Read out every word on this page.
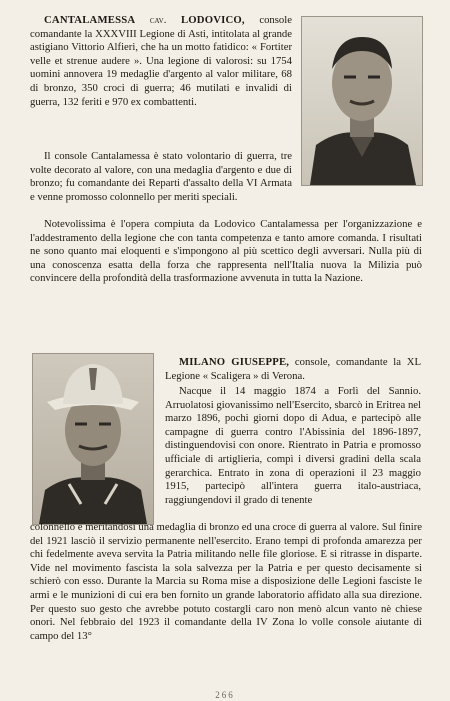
CANTALAMESSA cav. LODOVICO, console comandante la XXXVIII Legione di Asti, intitolata al grande astigiano Vittorio Alfieri, che ha un motto fatidico: « Fortiter velle et strenue audere ». Una legione di valorosi: su 1754 uomini annovera 19 medaglie d'argento al valor militare, 68 di bronzo, 350 croci di guerra; 46 mutilati e invalidi di guerra, 132 feriti e 970 ex combattenti.

Il console Cantalamessa è stato volontario di guerra, tre volte decorato al valore, con una medaglia d'argento e due di bronzo; fu comandante dei Reparti d'assalto della VI Armata e venne promosso colonnello per meriti speciali.

Notevolissima è l'opera compiuta da Lodovico Cantalamessa per l'organizzazione e l'addestramento della legione che con tanta competenza e tanto amore comanda. I risultati ne sono quanto mai eloquenti e s'impongono al più scettico degli avversari. Nulla più di una conoscenza esatta della forza che rappresenta nell'Italia nuova la Milizia può convincere della profondità della trasformazione avvenuta in tutta la Nazione.

MILANO GIUSEPPE, console, comandante la XL Legione « Scaligera » di Verona.

Nacque il 14 maggio 1874 a Forlì del Sannio. Arruolatosi giovanissimo nell'Esercito, sbarcò in Eritrea nel marzo 1896, pochi giorni dopo di Adua, e partecipò alle campagne di guerra contro l'Abissinia del 1896-1897, distinguendovisi con onore. Rientrato in Patria e promosso ufficiale di artiglieria, compì i diversi gradini della scala gerarchica. Entrato in zona di operazioni il 23 maggio 1915, partecipò all'intera guerra italo-austriaca, raggiungendovi il grado di tenente

colonnello e meritandosi una medaglia di bronzo ed una croce di guerra al valore. Sul finire del 1921 lasciò il servizio permanente nell'esercito. Erano tempi di profonda amarezza per chi fedelmente aveva servita la Patria militando nelle file gloriose. E si ritrasse in disparte. Vide nel movimento fascista la sola salvezza per la Patria e per questo decisamente si schierò con esso. Durante la Marcia su Roma mise a disposizione delle Legioni fasciste le armi e le munizioni di cui era ben fornito un grande laboratorio affidato alla sua direzione. Per questo suo gesto che avrebbe potuto costargli caro non menò alcun vanto nè chiese onori. Nel febbraio del 1923 il comandante della IV Zona lo volle console aiutante di campo del 13°

266
